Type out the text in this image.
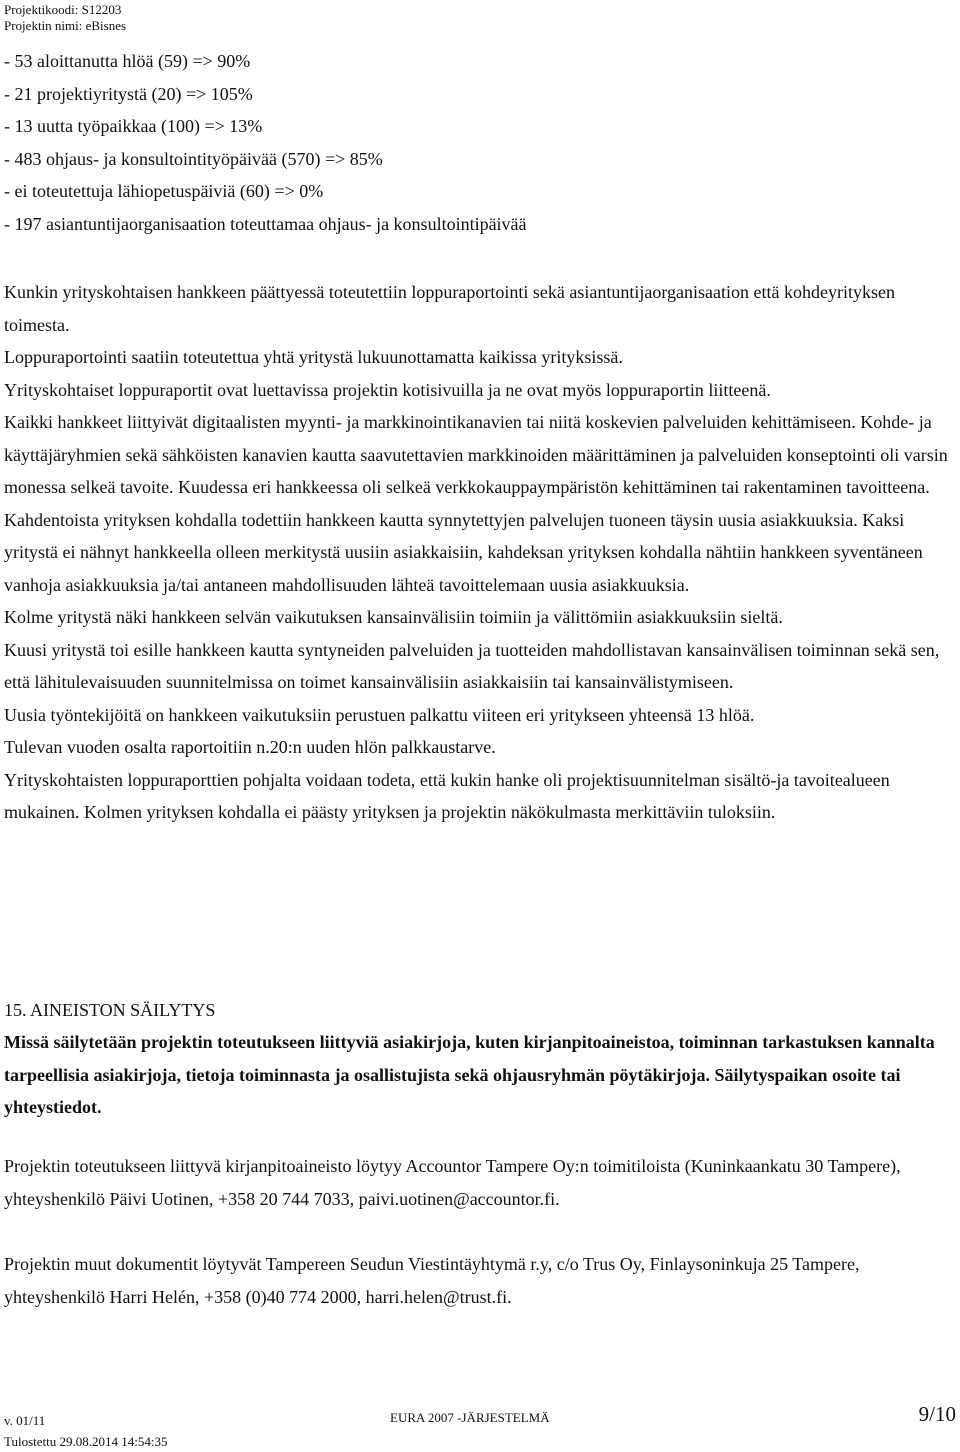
Projektikoodi: S12203
Projektin nimi: eBisnes
- 53 aloittanutta hlöä (59) => 90%
- 21 projektiyritystä (20) => 105%
- 13 uutta työpaikkaa (100) => 13%
- 483 ohjaus- ja konsultointityöpäivää (570) => 85%
- ei toteutettuja lähiopetuspäiviä (60) => 0%
- 197 asiantuntijaorganisaation toteuttamaa ohjaus- ja konsultointipäivää

Kunkin yrityskohtaisen hankkeen päättyessä toteutettiin loppuraportointi sekä asiantuntijaorganisaation että kohdeyrityksen toimesta.

Loppuraportointi saatiin toteutettua yhtä yritystä lukuunottamatta kaikissa yrityksissä.

Yrityskohtaiset loppuraportit ovat luettavissa projektin kotisivuilla ja ne ovat myös loppuraportin liitteenä.

Kaikki hankkeet liittyivät digitaalisten myynti- ja markkinointikanavien tai niitä koskevien palveluiden kehittämiseen. Kohde- ja käyttäjäryhmien sekä sähköisten kanavien kautta saavutettavien markkinoiden määrittäminen ja palveluiden konseptointi oli varsin monessa selkeä tavoite. Kuudessa eri hankkeessa oli selkeä verkkokauppaympäristön kehittäminen tai rakentaminen tavoitteena.

Kahdentoista yrityksen kohdalla todettiin hankkeen kautta synnytettyjen palvelujen tuoneen täysin uusia asiakkuuksia. Kaksi yritystä ei nähnyt hankkeella olleen merkitystä uusiin asiakkaisiin, kahdeksan yrityksen kohdalla nähtiin hankkeen syventäneen vanhoja asiakkuuksia ja/tai antaneen mahdollisuuden lähteä tavoittelemaan uusia asiakkuuksia.

Kolme yritystä näki hankkeen selvän vaikutuksen kansainvälisiin toimiin ja välittömiin asiakkuuksiin sieltä.

Kuusi yritystä toi esille hankkeen kautta syntyneiden palveluiden ja tuotteiden mahdollistavan kansainvälisen toiminnan sekä sen, että lähitulevaisuuden suunnitelmissa on toimet kansainvälisiin asiakkaisiin tai kansainvälistymiseen.

Uusia työntekijöitä on hankkeen vaikutuksiin perustuen palkattu viiteen eri yritykseen yhteensä 13 hlöä.

Tulevan vuoden osalta raportoitiin n.20:n uuden hlön palkkaustarve.

Yrityskohtaisten loppuraporttien pohjalta voidaan todeta, että kukin hanke oli projektisuunnitelman sisältö-ja tavoitealueen mukainen. Kolmen yrityksen kohdalla ei päästy yrityksen ja projektin näkökulmasta merkittäviin tuloksiin.

15. AINEISTON SÄILYTYS
Missä säilytetään projektin toteutukseen liittyviä asiakirjoja, kuten kirjanpitoaineistoa, toiminnan tarkastuksen kannalta tarpeellisia asiakirjoja, tietoja toiminnasta ja osallistujista sekä ohjausryhmän pöytäkirjoja. Säilytyspaikan osoite tai yhteystiedot.

Projektin toteutukseen liittyvä kirjanpitoaineisto löytyy Accountor Tampere Oy:n toimitiloista (Kuninkaankatu 30 Tampere), yhteyshenkilö Päivi Uotinen, +358 20 744 7033, paivi.uotinen@accountor.fi.

Projektin muut dokumentit löytyvät Tampereen Seudun Viestintäyhtymä r.y, c/o Trus Oy, Finlaysoninkuja 25 Tampere, yhteyshenkilö Harri Helén, +358 (0)40 774 2000, harri.helen@trust.fi.

v. 01/11
Tulostettu 29.08.2014 14:54:35
EURA 2007 -JÄRJESTELMÄ	9/10
